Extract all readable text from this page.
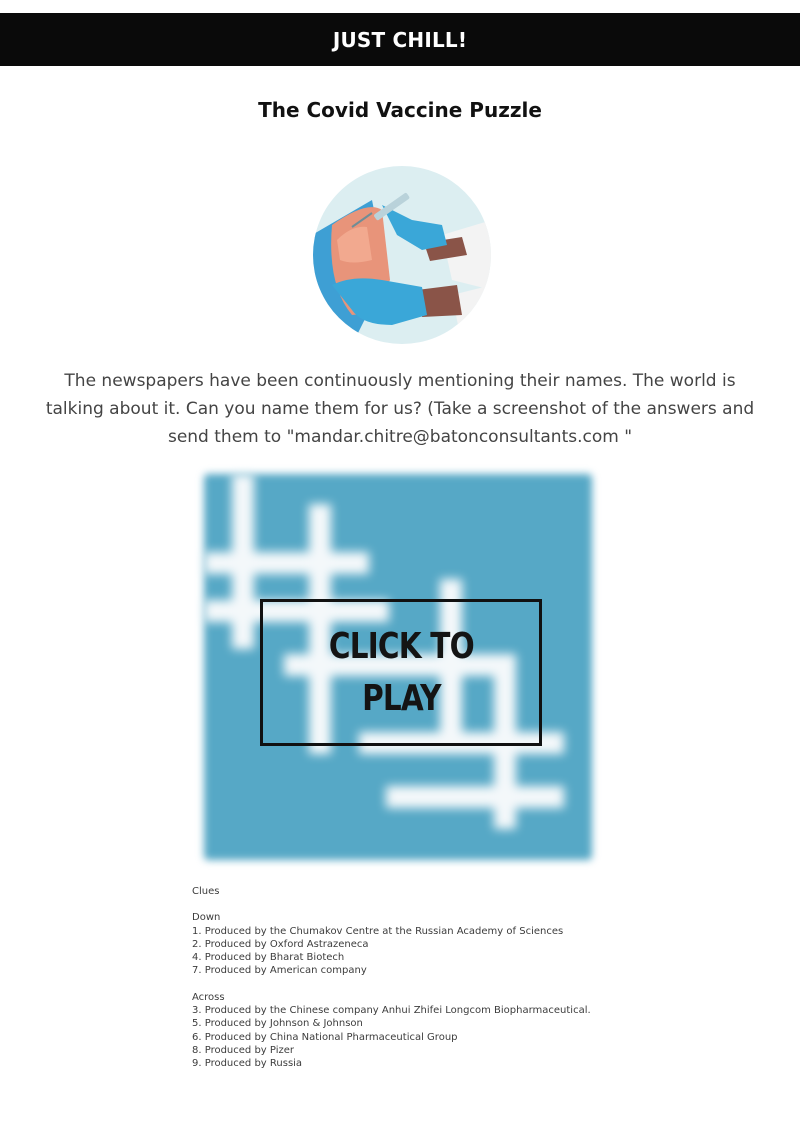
JUST CHILL!
The Covid Vaccine Puzzle
The newspapers have been continuously mentioning their names. The world is talking about it. Can you name them for us? (Take a screenshot of the answers and send them to "mandar.chitre@batonconsultants.com "
CLICK TO
PLAY

Clues

Down

1. Produced by the Chumakov Centre at the Russian Academy of Sciences

2. Produced by Oxford Astrazeneca

4. Produced by Bharat Biotech

7. Produced by American company

Across

3. Produced by the Chinese company Anhui Zhifei Longcom Biopharmaceutical.

5. Produced by Johnson & Johnson

6. Produced by China National Pharmaceutical Group

8. Produced by Pizer

9. Produced by Russia
